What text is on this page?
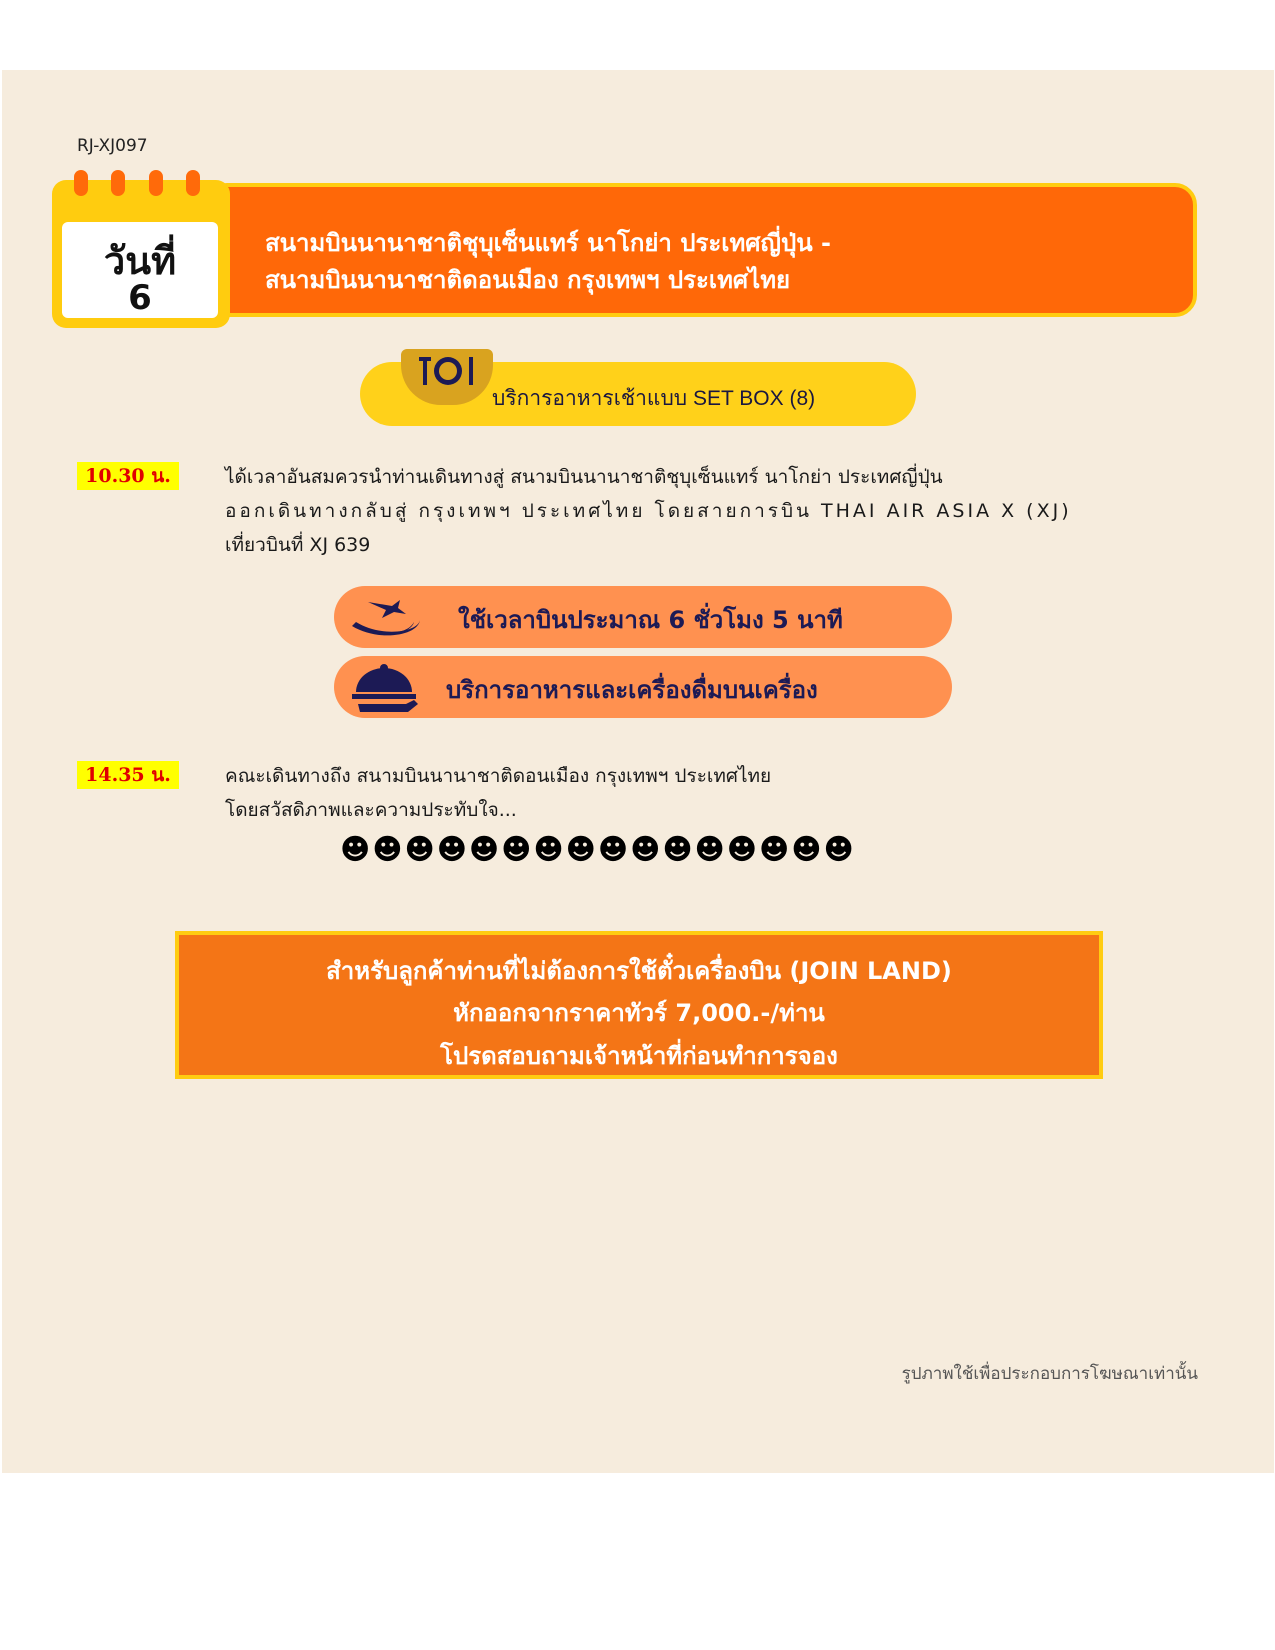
RJ-XJ097
สนามบินนานาชาติชุบุเซ็นแทร์ นาโกย่า ประเทศญี่ปุ่น -
สนามบินนานาชาติดอนเมือง กรุงเทพฯ ประเทศไทย
วันที่
6
บริการอาหารเช้าแบบ SET BOX (8)
10.30 น.	ได้เวลาอันสมควรนำท่านเดินทางสู่ สนามบินนานาชาติชุบุเซ็นแทร์ นาโกย่า ประเทศญี่ปุ่น
ออกเดินทางกลับสู่ กรุงเทพฯ ประเทศไทย โดยสายการบิน THAI AIR ASIA X (XJ)
เที่ยวบินที่ XJ 639
ใช้เวลาบินประมาณ 6 ชั่วโมง 5 นาที
บริการอาหารและเครื่องดื่มบนเครื่อง
14.35 น.	คณะเดินทางถึง สนามบินนานาชาติดอนเมือง กรุงเทพฯ ประเทศไทย
โดยสวัสดิภาพและความประทับใจ...
☻☻☻☻☻☻☻☻☻☻☻☻☻☻☻☻
สำหรับลูกค้าท่านที่ไม่ต้องการใช้ตั๋วเครื่องบิน (JOIN LAND)
หักออกจากราคาทัวร์ 7,000.-/ท่าน
โปรดสอบถามเจ้าหน้าที่ก่อนทำการจอง
รูปภาพใช้เพื่อประกอบการโฆษณาเท่านั้น
